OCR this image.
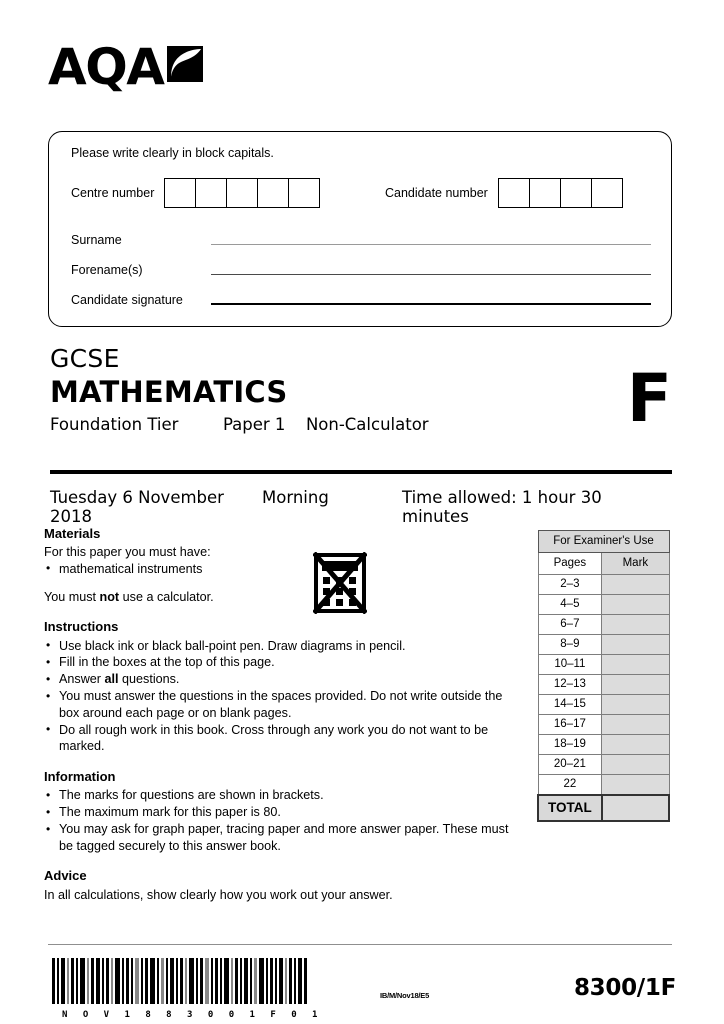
AQA
Please write clearly in block capitals.
Centre number	Candidate number
Surname
Forename(s)
Candidate signature
GCSE
MATHEMATICS
Foundation Tier	Paper 1 Non-Calculator	F
Tuesday 6 November 2018
Morning	Time allowed: 1 hour 30 minutes
Materials
For this paper you must have:
• mathematical instruments
You must not use a calculator.
Instructions
• Use black ink or black ball-point pen. Draw diagrams in pencil.
• Fill in the boxes at the top of this page.
• Answer all questions.
• You must answer the questions in the spaces provided. Do not write outside the box around each page or on blank pages.
• Do all rough work in this book. Cross through any work you do not want to be marked.
Information
• The marks for questions are shown in brackets.
• The maximum mark for this paper is 80.
• You may ask for graph paper, tracing paper and more answer paper. These must be tagged securely to this answer book.
Advice
In all calculations, show clearly how you work out your answer.
For Examiner's Use	
Pages	Mark
2–3	
4–5	
6–7	
8–9	
10–11	
12–13	
14–15	
16–17	
18–19	
20–21	
22	
TOTAL	
N O V 1 8 8 3 0 0 1 F 0 1
IB/M/Nov18/E5	8300/1F
